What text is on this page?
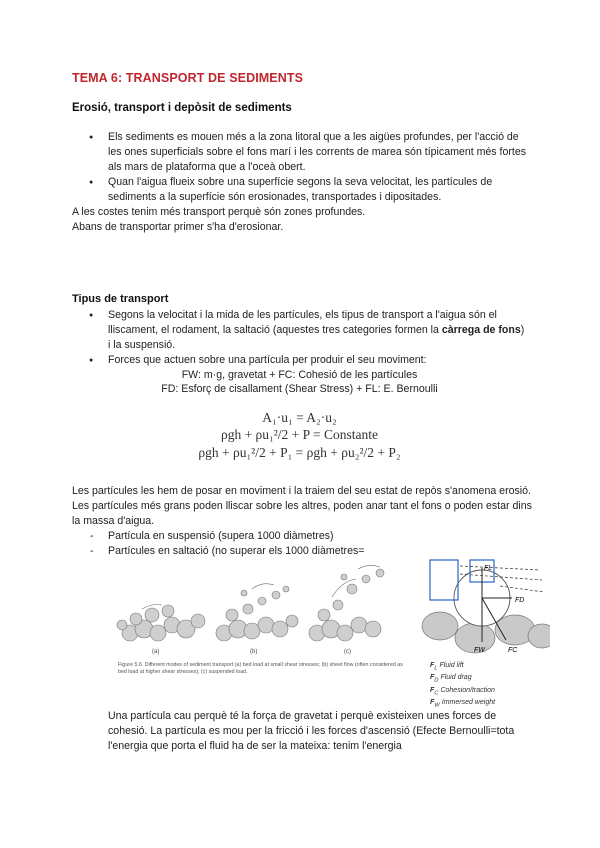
TEMA 6: TRANSPORT DE SEDIMENTS
Erosió, transport i depòsit de sediments
● Els sediments es mouen més a la zona litoral que a les aigües profundes, per l'acció de les ones superficials sobre el fons marí i les corrents de marea són típicament més fortes als mars de plataforma que a l'oceà obert.
● Quan l'aigua flueix sobre una superfície segons la seva velocitat, les partícules de sediments a la superfície són erosionades, transportades i dipositades.
A les costes tenim més transport perquè són zones profundes.
Abans de transportar primer s'ha d'erosionar.
Tipus de transport
● Segons la velocitat i la mida de les partícules, els tipus de transport a l'aigua són el lliscament, el rodament, la saltació (aquestes tres categories formen la càrrega de fons) i la suspensió.
● Forces que actuen sobre una partícula per produir el seu moviment:
FW: m·g, gravetat + FC: Cohesió de les partícules
FD: Esforç de cisallament (Shear Stress) + FL: E. Bernoulli
A₁·u₁ = A₂·u₂
ρgh + ρu₁²/2 + P = Constante
ρgh + ρu₁²/2 + P₁ = ρgh + ρu₂²/2 + P₂
Les partícules les hem de posar en moviment i la traiem del seu estat de repòs s'anomena erosió. Les partícules més grans poden lliscar sobre les altres, poden anar tant el fons o poden estar dins la massa d'aigua.
- Partícula en suspensió (supera 1000 diàmetres)
- Partícules en saltació (no superar els 1000 diàmetres=
(a)	(b)	(c)
Figure 5.6. Different modes of sediment transport (a) bed load at small shear stresses; (b) sheet flow (often considered as bed load at higher shear stresses); (c) suspended load.
FL
FD
FW	FC
$F_L$ Fluid lift
$F_D$ Fluid drag
$F_C$ Cohesion/traction
$F_W$ Immersed weight
Una partícula cau perquè té la força de gravetat i perquè existeixen unes forces de cohesió. La partícula es mou per la fricció i les forces d'ascensió (Efecte Bernoulli=tota l'energia que porta el fluid ha de ser la mateixa: tenim l'energia
